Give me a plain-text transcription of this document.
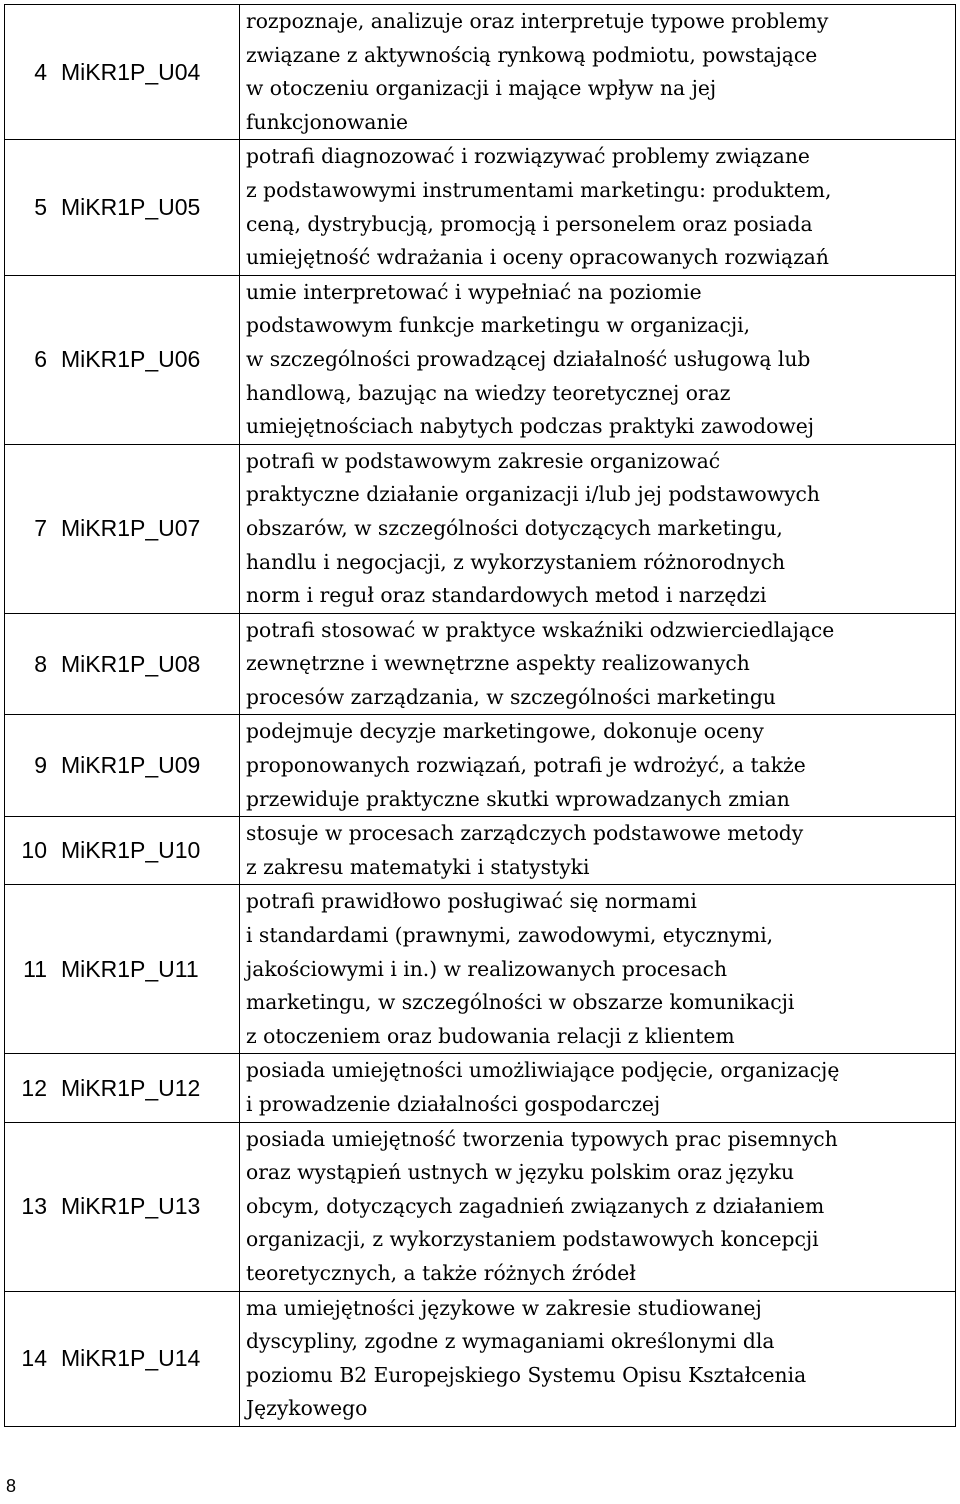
4	MiKR1P_U04	rozpoznaje, analizuje oraz interpretuje typowe problemy
związane z aktywnością rynkową podmiotu, powstające
w otoczeniu organizacji i mające wpływ na jej
funkcjonowanie

5	MiKR1P_U05	potrafi diagnozować i rozwiązywać problemy związane
z podstawowymi instrumentami marketingu: produktem,
ceną, dystrybucją, promocją i personelem oraz posiada
umiejętność wdrażania i oceny opracowanych rozwiązań

6	MiKR1P_U06	umie interpretować i wypełniać na poziomie
podstawowym funkcje marketingu w organizacji,
w szczególności prowadzącej działalność usługową lub
handlową, bazując na wiedzy teoretycznej oraz
umiejętnościach nabytych podczas praktyki zawodowej

7	MiKR1P_U07	potrafi w podstawowym zakresie organizować
praktyczne działanie organizacji i/lub jej podstawowych
obszarów, w szczególności dotyczących marketingu,
handlu i negocjacji, z wykorzystaniem różnorodnych
norm i reguł oraz standardowych metod i narzędzi

8	MiKR1P_U08	potrafi stosować w praktyce wskaźniki odzwierciedlające
zewnętrzne i wewnętrzne aspekty realizowanych
procesów zarządzania, w szczególności marketingu

9	MiKR1P_U09	podejmuje decyzje marketingowe, dokonuje oceny
proponowanych rozwiązań, potrafi je wdrożyć, a także
przewiduje praktyczne skutki wprowadzanych zmian

10	MiKR1P_U10	stosuje w procesach zarządczych podstawowe metody
z zakresu matematyki i statystyki

11	MiKR1P_U11	potrafi prawidłowo posługiwać się normami
i standardami (prawnymi, zawodowymi, etycznymi,
jakościowymi i in.) w realizowanych procesach
marketingu, w szczególności w obszarze komunikacji
z otoczeniem oraz budowania relacji z klientem

12	MiKR1P_U12	posiada umiejętności umożliwiające podjęcie, organizację
i prowadzenie działalności gospodarczej

13	MiKR1P_U13	posiada umiejętność tworzenia typowych prac pisemnych
oraz wystąpień ustnych w języku polskim oraz języku
obcym, dotyczących zagadnień związanych z działaniem
organizacji, z wykorzystaniem podstawowych koncepcji
teoretycznych, a także różnych źródeł

14	MiKR1P_U14	ma umiejętności językowe w zakresie studiowanej
dyscypliny, zgodne z wymaganiami określonymi dla
poziomu B2 Europejskiego Systemu Opisu Kształcenia
Językowego
8
